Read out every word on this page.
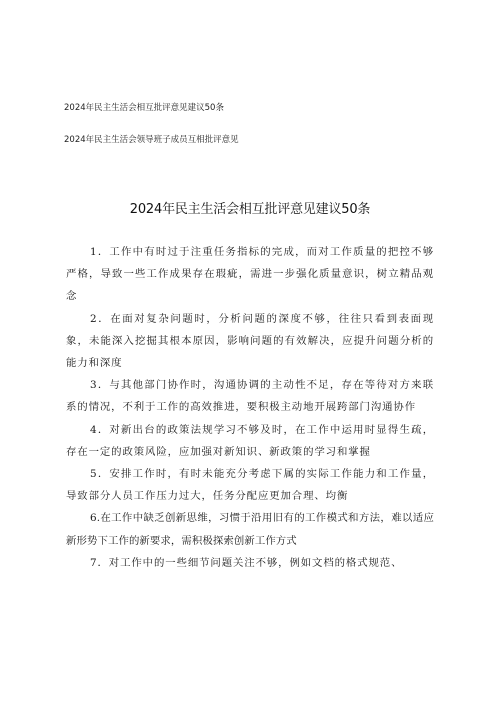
2024年民主生活会相互批评意见建议50条
2024年民主生活会领导班子成员互相批评意见
2024年民主生活会相互批评意见建议50条

1．工作中有时过于注重任务指标的完成，而对工作质量的把控不够严格，导致一些工作成果存在瑕疵，需进一步强化质量意识，树立精品观念

2．在面对复杂问题时，分析问题的深度不够，往往只看到表面现象，未能深入挖掘其根本原因，影响问题的有效解决，应提升问题分析的能力和深度

3．与其他部门协作时，沟通协调的主动性不足，存在等待对方来联系的情况，不利于工作的高效推进，要积极主动地开展跨部门沟通协作

4．对新出台的政策法规学习不够及时，在工作中运用时显得生疏，存在一定的政策风险，应加强对新知识、新政策的学习和掌握

5．安排工作时，有时未能充分考虑下属的实际工作能力和工作量，导致部分人员工作压力过大，任务分配应更加合理、均衡

6.在工作中缺乏创新思维，习惯于沿用旧有的工作模式和方法，难以适应新形势下工作的新要求，需积极探索创新工作方式

7．对工作中的一些细节问题关注不够，例如文档的格式规范、
